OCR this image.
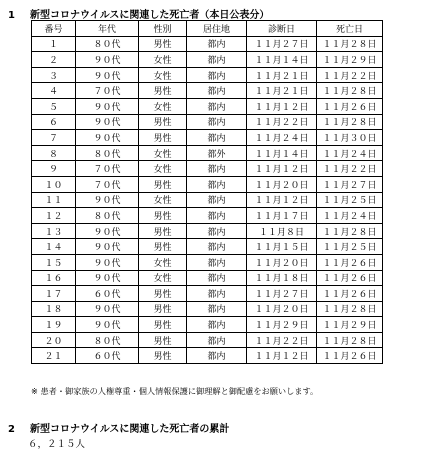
1 新型コロナウイルスに関連した死亡者（本日公表分）
番号	年代	性別	居住地	診断日	死亡日
１	８０代	男性	都内	１１月２７日	１１月２８日
２	９０代	女性	都内	１１月１４日	１１月２９日
３	９０代	女性	都内	１１月２１日	１１月２２日
４	７０代	男性	都内	１１月２１日	１１月２８日
５	９０代	女性	都内	１１月１２日	１１月２６日
６	９０代	男性	都内	１１月２２日	１１月２８日
７	９０代	男性	都内	１１月２４日	１１月３０日
８	８０代	女性	都外	１１月１４日	１１月２４日
９	７０代	女性	都内	１１月１２日	１１月２２日
１０	７０代	男性	都内	１１月２０日	１１月２７日
１１	９０代	女性	都内	１１月１２日	１１月２５日
１２	８０代	男性	都内	１１月１７日	１１月２４日
１３	９０代	男性	都内	１１月８日	１１月２８日
１４	９０代	男性	都内	１１月１５日	１１月２５日
１５	９０代	女性	都内	１１月２０日	１１月２６日
１６	９０代	女性	都内	１１月１８日	１１月２６日
１７	６０代	男性	都内	１１月２７日	１１月２６日
１８	９０代	男性	都内	１１月２０日	１１月２８日
１９	９０代	男性	都内	１１月２９日	１１月２９日
２０	８０代	男性	都内	１１月２２日	１１月２８日
２１	６０代	男性	都内	１１月１２日	１１月２６日
※ 患者・御家族の人権尊重・個人情報保護に御理解と御配慮をお願いします。
2 新型コロナウイルスに関連した死亡者の累計
６，２１５人
